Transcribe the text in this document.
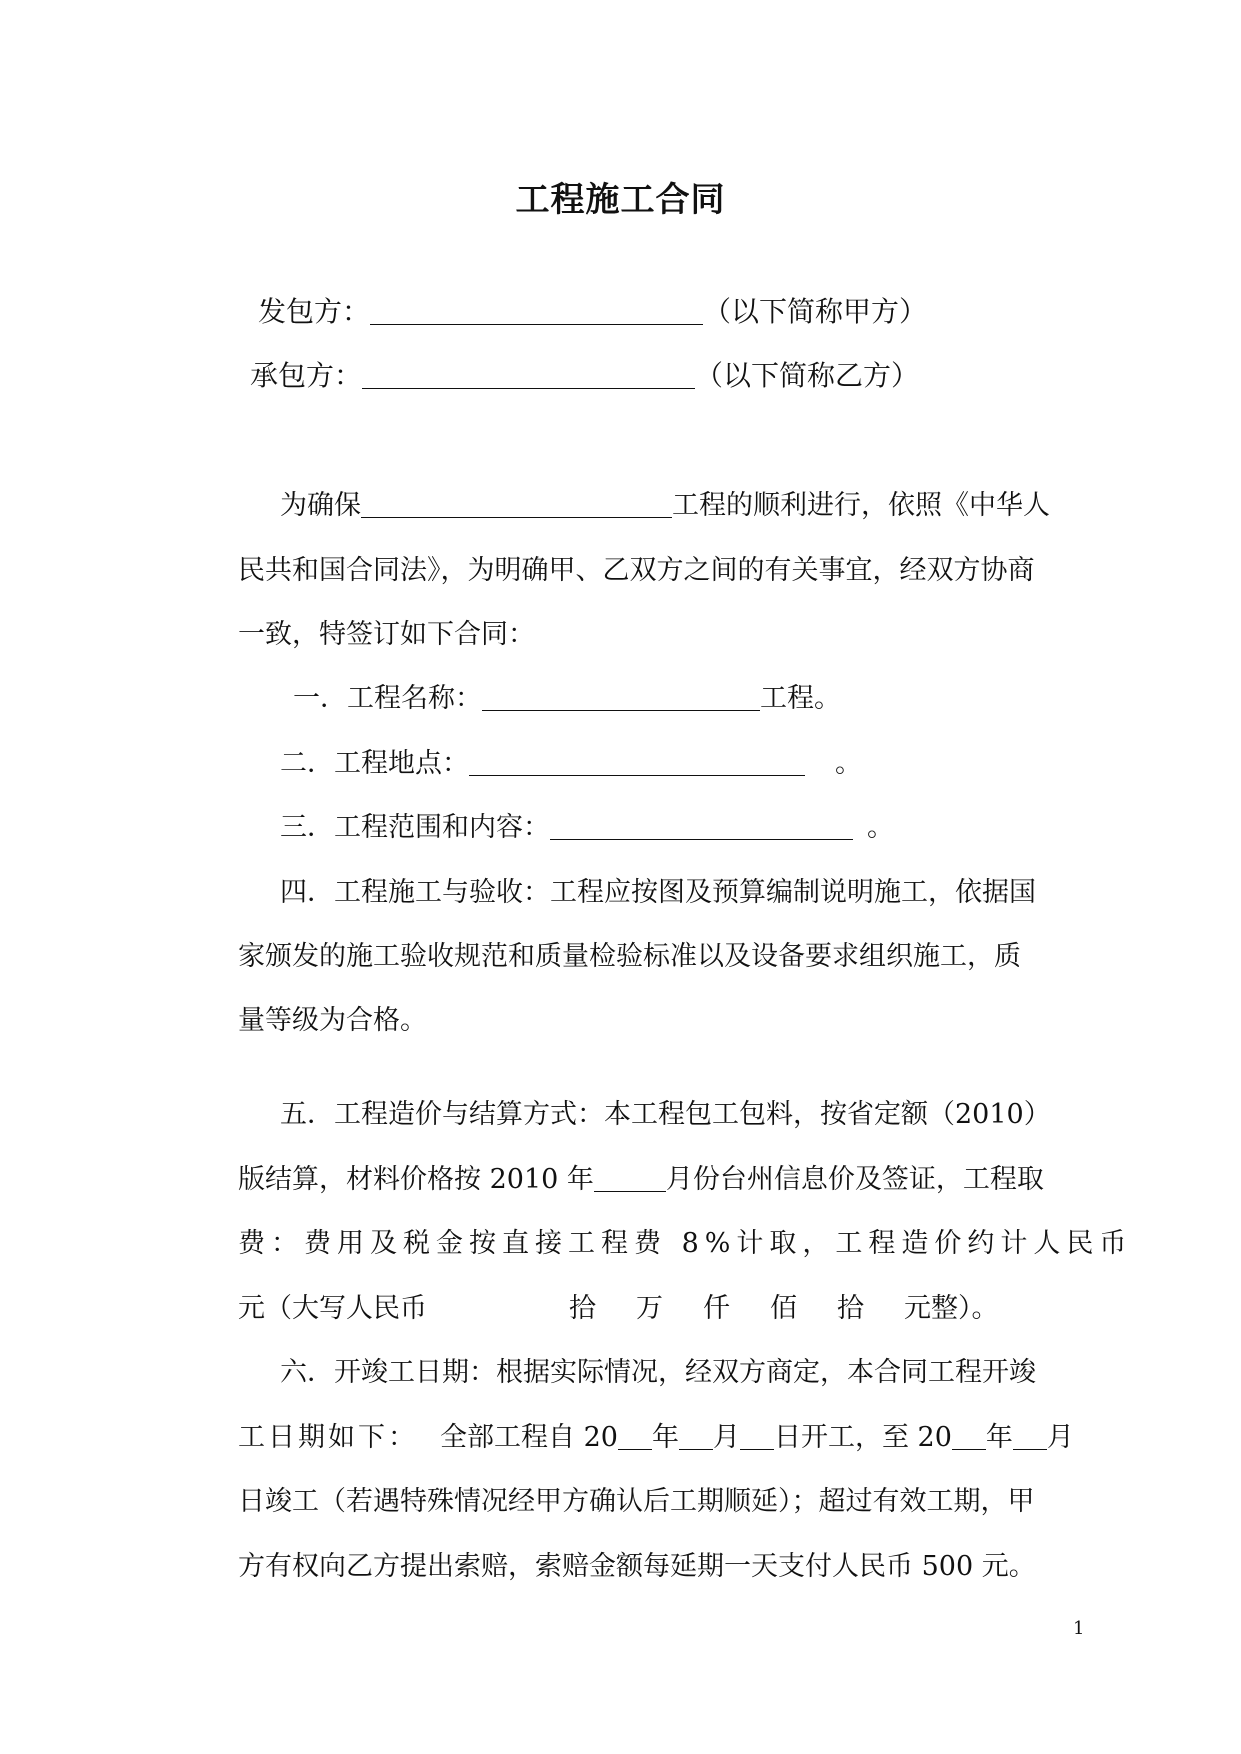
工程施工合同
发包方：	（以下简称甲方）
承包方：	（以下简称乙方）
为确保	工程的顺利进行，依照《中华人
民共和国合同法》，为明确甲、乙双方之间的有关事宜，经双方协商
一致，特签订如下合同：
一．工程名称：	工程。
二．工程地点：	。
三．工程范围和内容：	。
四．工程施工与验收：工程应按图及预算编制说明施工，依据国
家颁发的施工验收规范和质量检验标准以及设备要求组织施工，质
量等级为合格。
五．工程造价与结算方式：本工程包工包料，按省定额（2010）
版结算，材料价格按 2010 年	月份台州信息价及签证，工程取
费：费用及税金按直接工程费 8%计取，工程造价约计人民币
元（大写人民币	拾 万 仟 佰 拾 元整）。
六．开竣工日期：根据实际情况，经双方商定，本合同工程开竣
工日期如下： 全部工程自 20 年 月 日开工，至 20 年 月
日竣工（若遇特殊情况经甲方确认后工期顺延）；超过有效工期，甲
方有权向乙方提出索赔，索赔金额每延期一天支付人民币 500 元。
1
